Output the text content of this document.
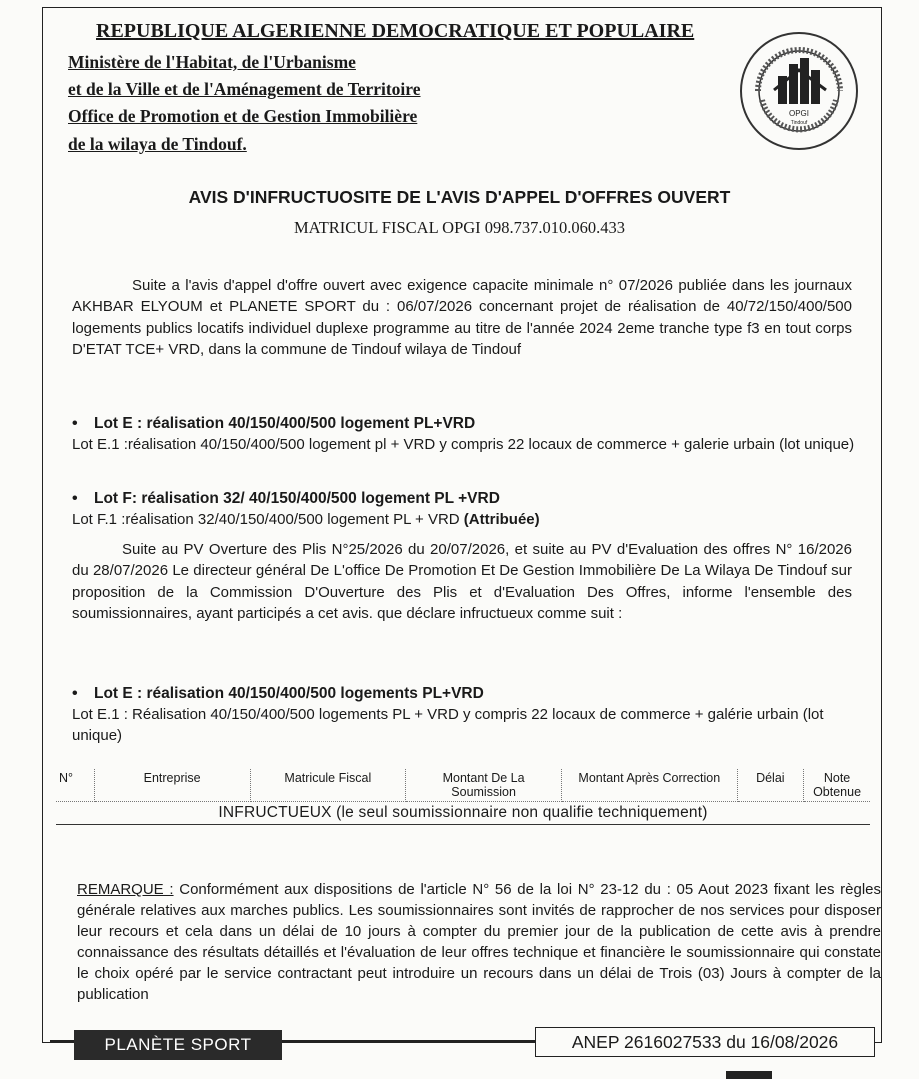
REPUBLIQUE ALGERIENNE DEMOCRATIQUE ET POPULAIRE
Ministère de l'Habitat, de l'Urbanisme
et de la Ville et de l'Aménagement de Territoire
Office de Promotion et de Gestion Immobilière
de la wilaya de Tindouf.
OPGI
Tindouf
AVIS D'INFRUCTUOSITE DE L'AVIS D'APPEL D'OFFRES OUVERT
MATRICUL FISCAL OPGI 098.737.010.060.433
Suite a l'avis d'appel d'offre ouvert avec exigence capacite minimale n° 07/2026 publiée dans les journaux AKHBAR ELYOUM et PLANETE SPORT du : 06/07/2026 concernant projet de réalisation de 40/72/150/400/500 logements publics locatifs individuel duplexe programme au titre de l'année 2024 2eme tranche type f3 en tout corps D'ETAT TCE+ VRD, dans la commune de Tindouf wilaya de Tindouf
• Lot E : réalisation 40/150/400/500 logement PL+VRD
Lot E.1 :réalisation 40/150/400/500 logement pl + VRD y compris 22 locaux de commerce + galerie urbain (lot unique)
• Lot F: réalisation 32/ 40/150/400/500 logement PL +VRD
Lot F.1 :réalisation 32/40/150/400/500 logement PL + VRD (Attribuée)
Suite au PV Overture des Plis N°25/2026 du 20/07/2026, et suite au PV d'Evaluation des offres N° 16/2026 du 28/07/2026 Le directeur général De L'office De Promotion Et De Gestion Immobilière De La Wilaya De Tindouf sur proposition de la Commission D'Ouverture des Plis et d'Evaluation Des Offres, informe l'ensemble des soumissionnaires, ayant participés a cet avis. que déclare infructueux comme suit :
• Lot E : réalisation 40/150/400/500 logements PL+VRD
Lot E.1 : Réalisation 40/150/400/500 logements PL + VRD y compris 22 locaux de commerce + galérie urbain (lot unique)
N°	Entreprise	Matricule Fiscal	Montant De La Soumission	Montant Après Correction	Délai	Note Obtenue
INFRUCTUEUX (le seul soumissionnaire non qualifie techniquement)
REMARQUE : Conformément aux dispositions de l'article N° 56 de la loi N° 23-12 du : 05 Aout 2023 fixant les règles générale relatives aux marches publics. Les soumissionnaires sont invités de rapprocher de nos services pour disposer leur recours et cela dans un délai de 10 jours à compter du premier jour de la publication de cette avis à prendre connaissance des résultats détaillés et l'évaluation de leur offres technique et financière le soumissionnaire qui constate le choix opéré par le service contractant peut introduire un recours dans un délai de Trois (03) Jours à compter de la publication
PLANÈTE SPORT	ANEP 2616027533 du 16/08/2026
